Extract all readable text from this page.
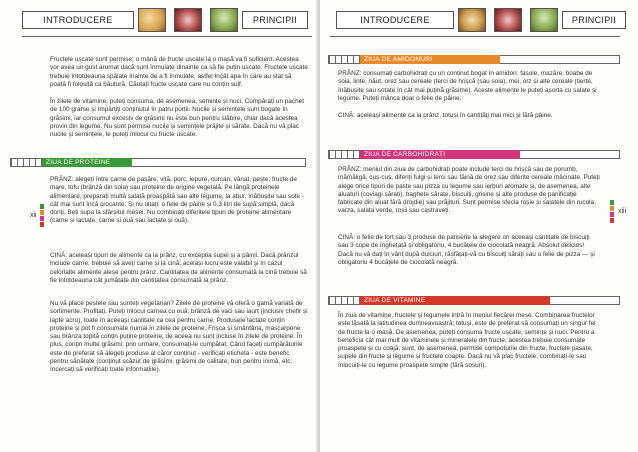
INTRODUCERE	PRINCIPII
Fructele uscate sunt permise; o mână de fructe uscate la o masă va fi suficient. Acestea vor avea un gust aromat dacă sunt înmuiate dinainte ca să fie puțin uscate. Fructele uscate trebuie întotdeauna spălate înainte de a fi înmuiate, astfel încât apa în care au stat să poată fi folosită ca băutură. Căutați fructe uscate care nu conțin sulf.
În zilele de vitamine, puteți consuma, de asemenea, semințe și nuci. Cumpărați un pachet de 100 grame și împărțiți conținutul în patru porții. Nucile și semințele sunt bogate în grăsimi, iar consumul excesiv de grăsimi nu este bun pentru slăbire, chiar dacă acestea provin din legume. Nu sunt permise nucile și semințele prăjite și sărate. Dacă nu vă plac nucile și semințele, le puteți înlocui cu fructe uscate.
ZIUA DE PROTEINE
PRÂNZ: alegeți între carne de pasăre, vită, porc, iepure, curcan, vânat, pește, fructe de mare, tofu (brânză din soia) sau proteine de origine vegetală. Pe lângă proteinele alimentare, preparați multă salată proaspătă sau alte legume, la abur, înăbușite sau sote - cât mai sunt încă crocante. Și nu uitați: o felie de pâine și 0,3 litri de supă simplă, dacă doriți. Beți supa la sfârșitul mesei. Nu combinați diferitele tipuri de proteine alimentare (carne și lactate, carne și ouă sau lactate și ouă).
CINĂ: aceleași tipuri de alimente ca la prânz, cu excepția supei și a pâinii. Dacă prânzul include carne, trebuie să aveți carne și la cină; același lucru este valabil și în cazul celorlalte alimente alese pentru prânz. Cantitatea de alimente consumată la cină trebuie să fie întotdeauna cât jumătate din cantitatea consumată la prânz.
Nu vă place peștele sau sunteți vegetarian? Zilele de proteine vă oferă o gamă variată de sortimente. Profitați. Puteți înlocui carnea cu ouă, brânză de vaci sau iaurt (inclusiv chefir și lapte acru), toate în aceeași cantitate ca cea pentru carne. Produsele lactate conțin proteine și pot fi consumate numai în zilele de proteine. Frișca și smântâna, mascarpone sau brânza topită conțin puține proteine, de aceea nu sunt incluse în zilele de proteine. În plus, conțin multe grăsimi; prin urmare, consumați-le cumpătat. Când faceți cumpărăturile este de preferat să alegeți produse al căror conținut - verificați eticheta - este benefic pentru sănătate (conținut scăzut de grăsimi, grăsimi de calitate, bun pentru inimă, etc; încercați să verificați toate informațiile).
xii
INTRODUCERE	PRINCIPII
ZIUA DE AMIDONURI
PRÂNZ: consumați carbohidrați cu un conținut bogat în amidon: fasole, mazăre, boabe de soia, linte, năut, orez sau cereale (terci de hrișcă (sau soia), mei, orz și alte cereale (tierte, înăbușite sau sotate în cât mai puțină grăsime). Aceste alimente le puteți asorta cu salate și legume. Puteți mânca doar o felie de pâine.
CINĂ: aceleași alimente ca la prânz, totuși în cantități mai mici și fără pâine.
ZIUA DE CARBOHIDRAȚI
PRÂNZ: meniul din ziua de carbohidrați poate include terci de hrișcă sau de porumb, mămăligă, cuș-cuș, diferiți fulgi și terci sau făină de orez sau diferite cereale măcinate. Puteți alege orice tipuri de paste sau pizza cu legume sau ierburi aromate și, de asemenea, alte aluaturi (coviagi sărați), baghete sărate, biscuiți, grisine și alte produse de panificație fabricate din aluat fără drojdie) sau prăjituri. Sunt permise sfecla roșie și salatele din rucola, varza, salata verde, roșii sau castraveți.
CINĂ: o felie de tort sau 3 produse de patiserie la alegere ori aceeași cantitate de biscuiți sau 3 cupe de înghețată și obligatoriu, 4 bucățele de ciocolată neagră. Absolut delicios! Dacă nu vă dați în vânt după dulciuri, răsfățați-vă cu biscuiți sărați sau o felie de pizza — și obligatoriu 4 bucățele de ciocolată neagră.
ZIUA DE VITAMINE
În ziua de vitamine, fructele și legumele intră în meniul fiecărei mese. Combinarea fructelor este lăsată la latitudinea dumneavoastră; totuși, este de preferat să consumați un singur fel de fructe la o masă. De asemenea, puteți consuma fructe uscate, semințe și nuci. Pentru a beneficia cât mai mult de vitaminele și mineralele din fructe, acestea trebuie consumate proaspete și cu coajă; sunt, de asemenea, permise compoturile din fructe, fructele pasate, supele din fructe și legume și fructele coapte. Dacă nu vă plac fructele, combinați-le sau înlocuiți-le cu legume proaspete simple (fără sosuri).
xiii
